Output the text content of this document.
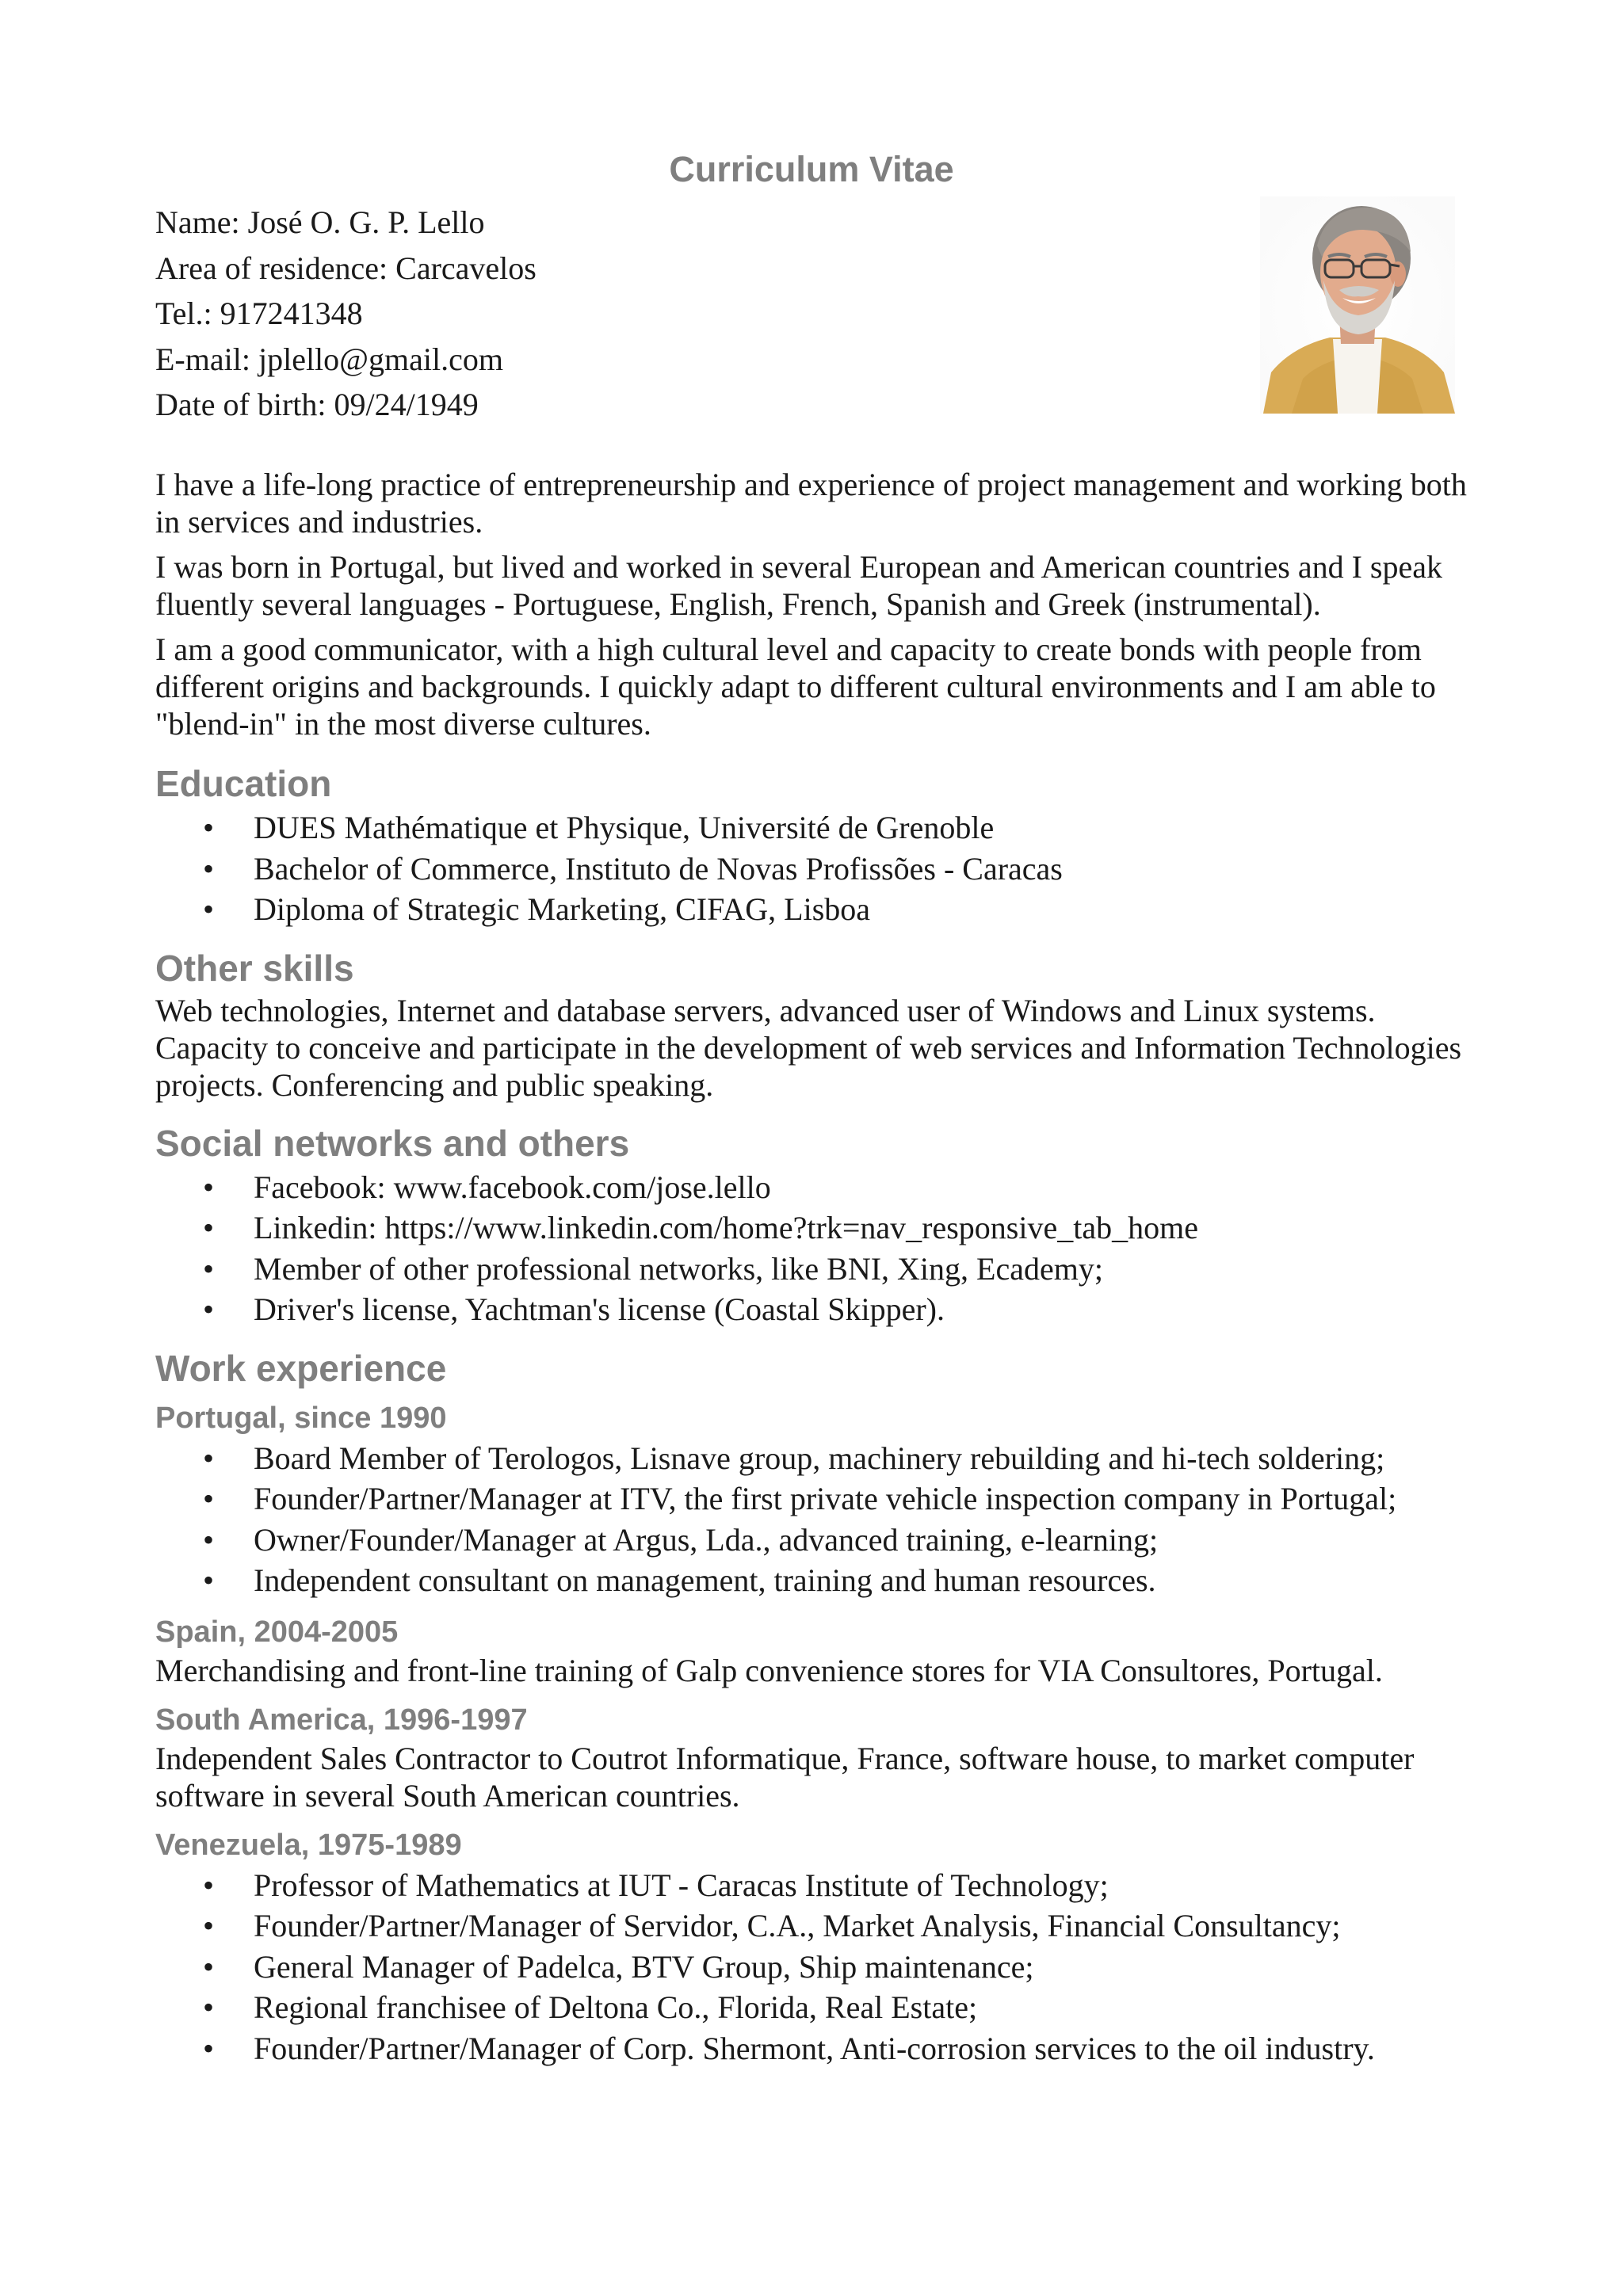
Curriculum Vitae
Name: José O. G. P. Lello
Area of residence: Carcavelos
Tel.: 917241348
E-mail: jplello@gmail.com
Date of birth: 09/24/1949

I have a life-long practice of entrepreneurship and experience of project management and working both in services and industries.

I was born in Portugal, but lived and worked in several European and American countries and I speak fluently several languages - Portuguese, English, French, Spanish and Greek (instrumental).

I am a good communicator, with a high cultural level and capacity to create bonds with people from different origins and backgrounds. I quickly adapt to different cultural environments and I am able to "blend-in" in the most diverse cultures.

Education
• DUES Mathématique et Physique, Université de Grenoble
• Bachelor of Commerce, Instituto de Novas Profissões - Caracas
• Diploma of Strategic Marketing, CIFAG, Lisboa
Other skills

Web technologies, Internet and database servers, advanced user of Windows and Linux systems. Capacity to conceive and participate in the development of web services and Information Technologies projects. Conferencing and public speaking.

Social networks and others
• Facebook: www.facebook.com/jose.lello
• Linkedin: https://www.linkedin.com/home?trk=nav_responsive_tab_home
• Member of other professional networks, like BNI, Xing, Ecademy;
• Driver's license, Yachtman's license (Coastal Skipper).
Work experience
Portugal, since 1990
• Board Member of Terologos, Lisnave group, machinery rebuilding and hi-tech soldering;
• Founder/Partner/Manager at ITV, the first private vehicle inspection company in Portugal;
• Owner/Founder/Manager at Argus, Lda., advanced training, e-learning;
• Independent consultant on management, training and human resources.
Spain, 2004-2005

Merchandising and front-line training of Galp convenience stores for VIA Consultores, Portugal.

South America, 1996-1997

Independent Sales Contractor to Coutrot Informatique, France, software house, to market computer software in several South American countries.

Venezuela, 1975-1989
• Professor of Mathematics at IUT - Caracas Institute of Technology;
• Founder/Partner/Manager of Servidor, C.A., Market Analysis, Financial Consultancy;
• General Manager of Padelca, BTV Group, Ship maintenance;
• Regional franchisee of Deltona Co., Florida, Real Estate;
• Founder/Partner/Manager of Corp. Shermont, Anti-corrosion services to the oil industry.
